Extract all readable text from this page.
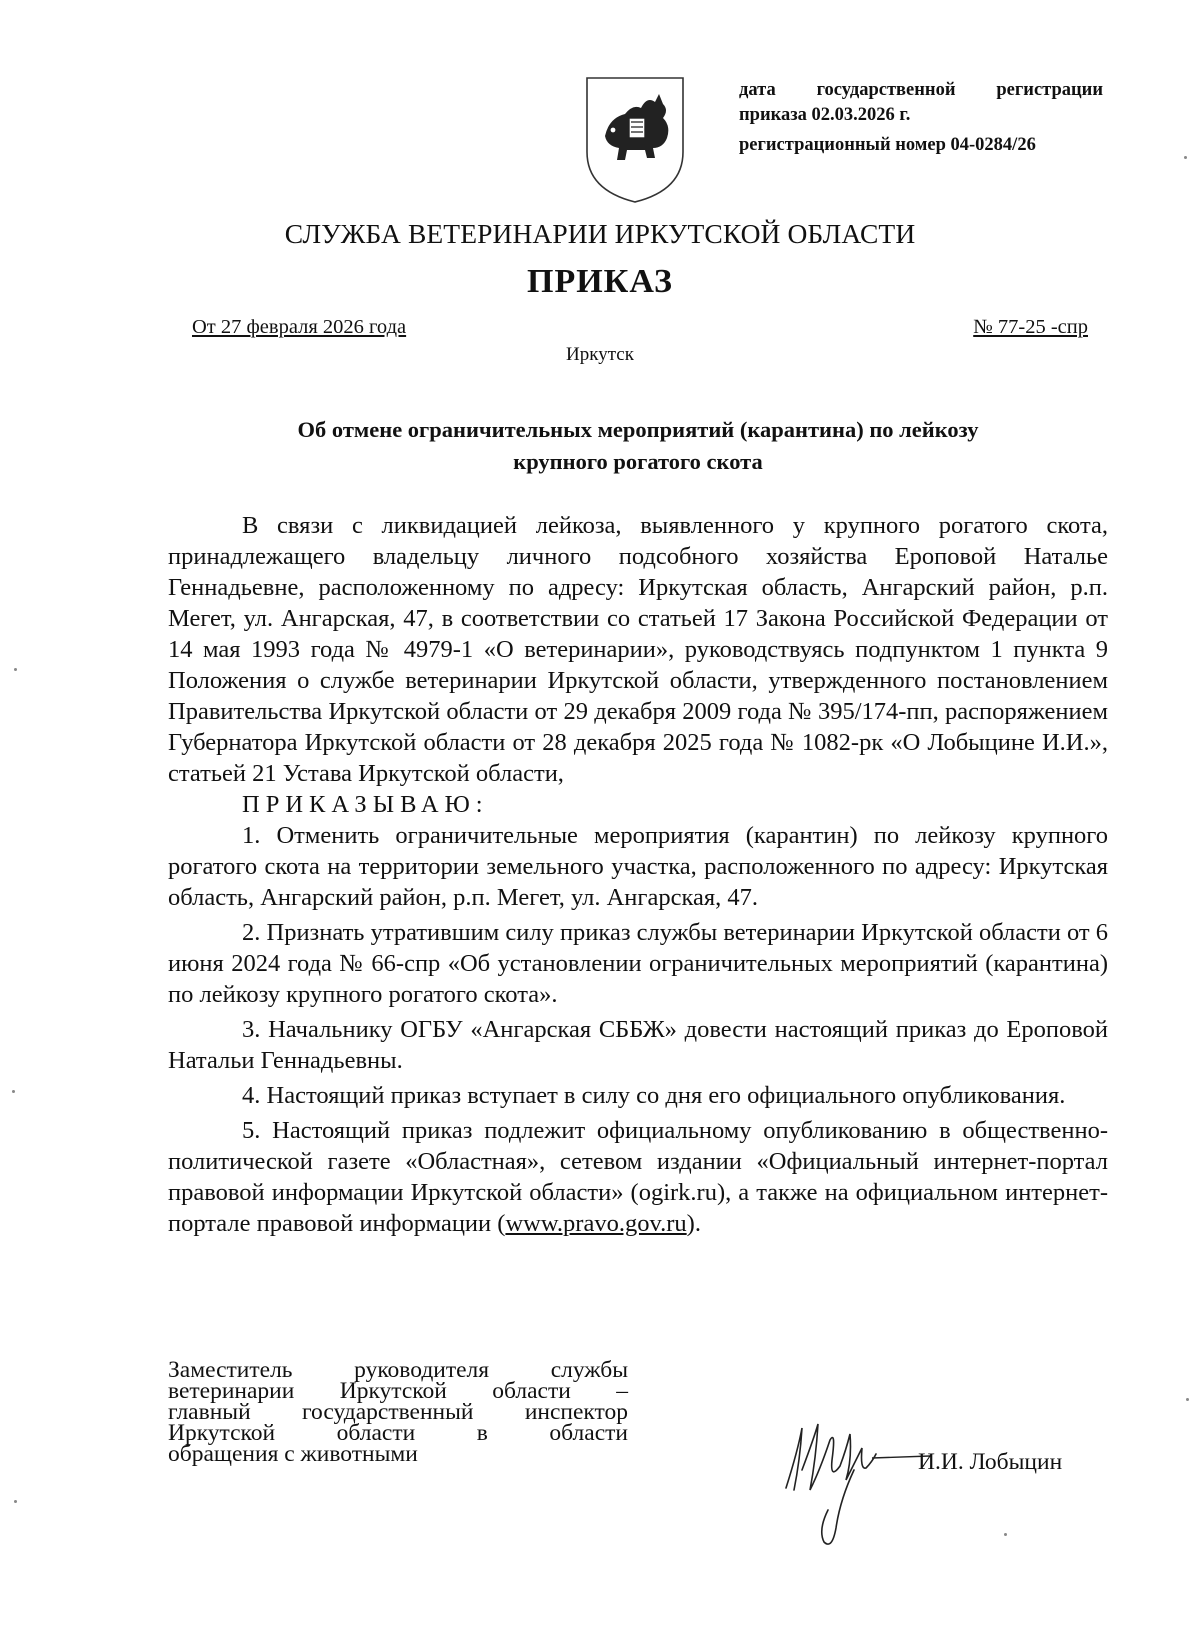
дата государственной регистрации
приказа 02.03.2026 г.
регистрационный номер 04-0284/26
СЛУЖБА ВЕТЕРИНАРИИ ИРКУТСКОЙ ОБЛАСТИ
ПРИКАЗ
От 27 февраля 2026 года	№ 77-25 -спр
Иркутск
Об отмене ограничительных мероприятий (карантина) по лейкозу
крупного рогатого скота

В связи с ликвидацией лейкоза, выявленного у крупного рогатого скота, принадлежащего владельцу личного подсобного хозяйства Ероповой Наталье Геннадьевне, расположенному по адресу: Иркутская область, Ангарский район, р.п. Мегет, ул. Ангарская, 47, в соответствии со статьей 17 Закона Российской Федерации от 14 мая 1993 года № 4979-1 «О ветеринарии», руководствуясь подпунктом 1 пункта 9 Положения о службе ветеринарии Иркутской области, утвержденного постановлением Правительства Иркутской области от 29 декабря 2009 года № 395/174-пп, распоряжением Губернатора Иркутской области от 28 декабря 2025 года № 1082-рк «О Лобыцине И.И.», статьей 21 Устава Иркутской области,

ПРИКАЗЫВАЮ:

1. Отменить ограничительные мероприятия (карантин) по лейкозу крупного рогатого скота на территории земельного участка, расположенного по адресу: Иркутская область, Ангарский район, р.п. Мегет, ул. Ангарская, 47.

2. Признать утратившим силу приказ службы ветеринарии Иркутской области от 6 июня 2024 года № 66-спр «Об установлении ограничительных мероприятий (карантина) по лейкозу крупного рогатого скота».

3. Начальнику ОГБУ «Ангарская СББЖ» довести настоящий приказ до Ероповой Натальи Геннадьевны.

4. Настоящий приказ вступает в силу со дня его официального опубликования.

5. Настоящий приказ подлежит официальному опубликованию в общественно-политической газете «Областная», сетевом издании «Официальный интернет-портал правовой информации Иркутской области» (ogirk.ru), а также на официальном интернет-портале правовой информации (www.pravo.gov.ru).

Заместитель руководителя службы
ветеринарии Иркутской области –
главный государственный инспектор
Иркутской области в области
обращения с животными	И.И. Лобыцин
